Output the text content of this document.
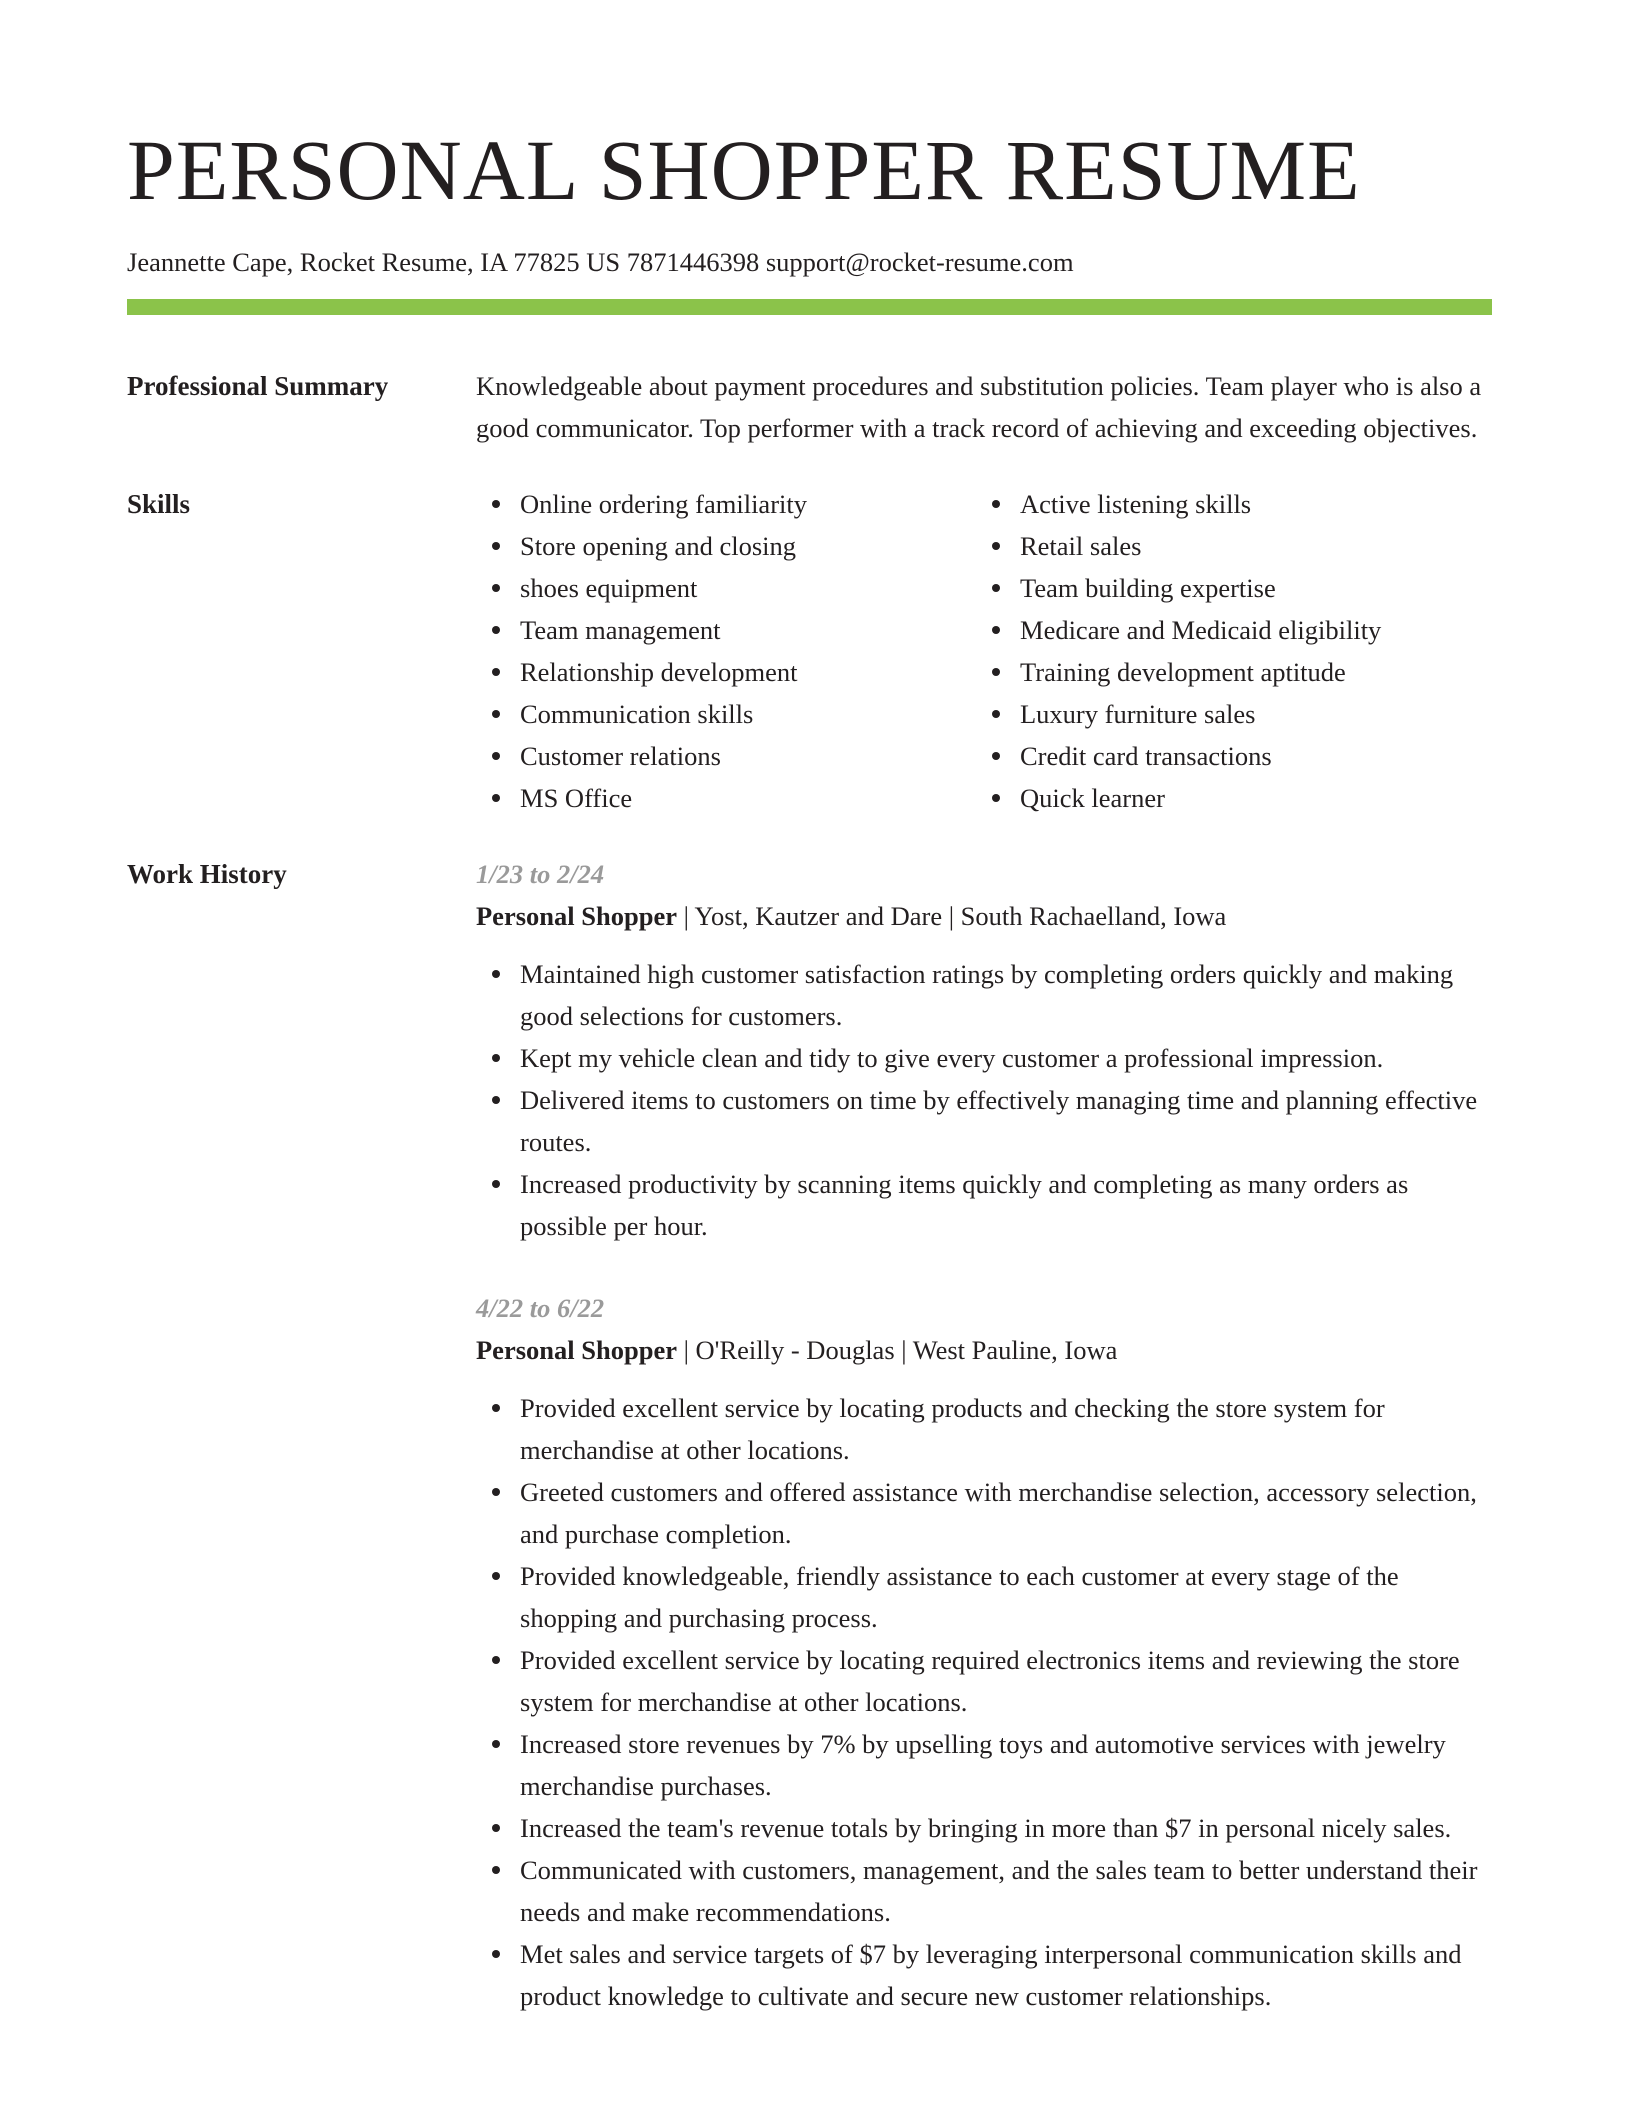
PERSONAL SHOPPER RESUME
Jeannette Cape, Rocket Resume, IA 77825 US 7871446398 support@rocket-resume.com
Professional Summary	Knowledgeable about payment procedures and substitution policies. Team player who is also a good communicator. Top performer with a track record of achieving and exceeding objectives.

Skills	Online ordering familiarity
Store opening and closing
shoes equipment
Team management
Relationship development
Communication skills
Customer relations
MS Office
Active listening skills
Retail sales
Team building expertise
Medicare and Medicaid eligibility
Training development aptitude
Luxury furniture sales
Credit card transactions
Quick learner
Work History	1/23 to 2/24
Personal Shopper | Yost, Kautzer and Dare | South Rachaelland, Iowa
Maintained high customer satisfaction ratings by completing orders quickly and making good selections for customers.
Kept my vehicle clean and tidy to give every customer a professional impression.
Delivered items to customers on time by effectively managing time and planning effective routes.
Increased productivity by scanning items quickly and completing as many orders as possible per hour.
4/22 to 6/22
Personal Shopper | O'Reilly - Douglas | West Pauline, Iowa
Provided excellent service by locating products and checking the store system for merchandise at other locations.
Greeted customers and offered assistance with merchandise selection, accessory selection, and purchase completion.
Provided knowledgeable, friendly assistance to each customer at every stage of the shopping and purchasing process.
Provided excellent service by locating required electronics items and reviewing the store system for merchandise at other locations.
Increased store revenues by 7% by upselling toys and automotive services with jewelry merchandise purchases.
Increased the team's revenue totals by bringing in more than $7 in personal nicely sales.
Communicated with customers, management, and the sales team to better understand their needs and make recommendations.
Met sales and service targets of $7 by leveraging interpersonal communication skills and product knowledge to cultivate and secure new customer relationships.
